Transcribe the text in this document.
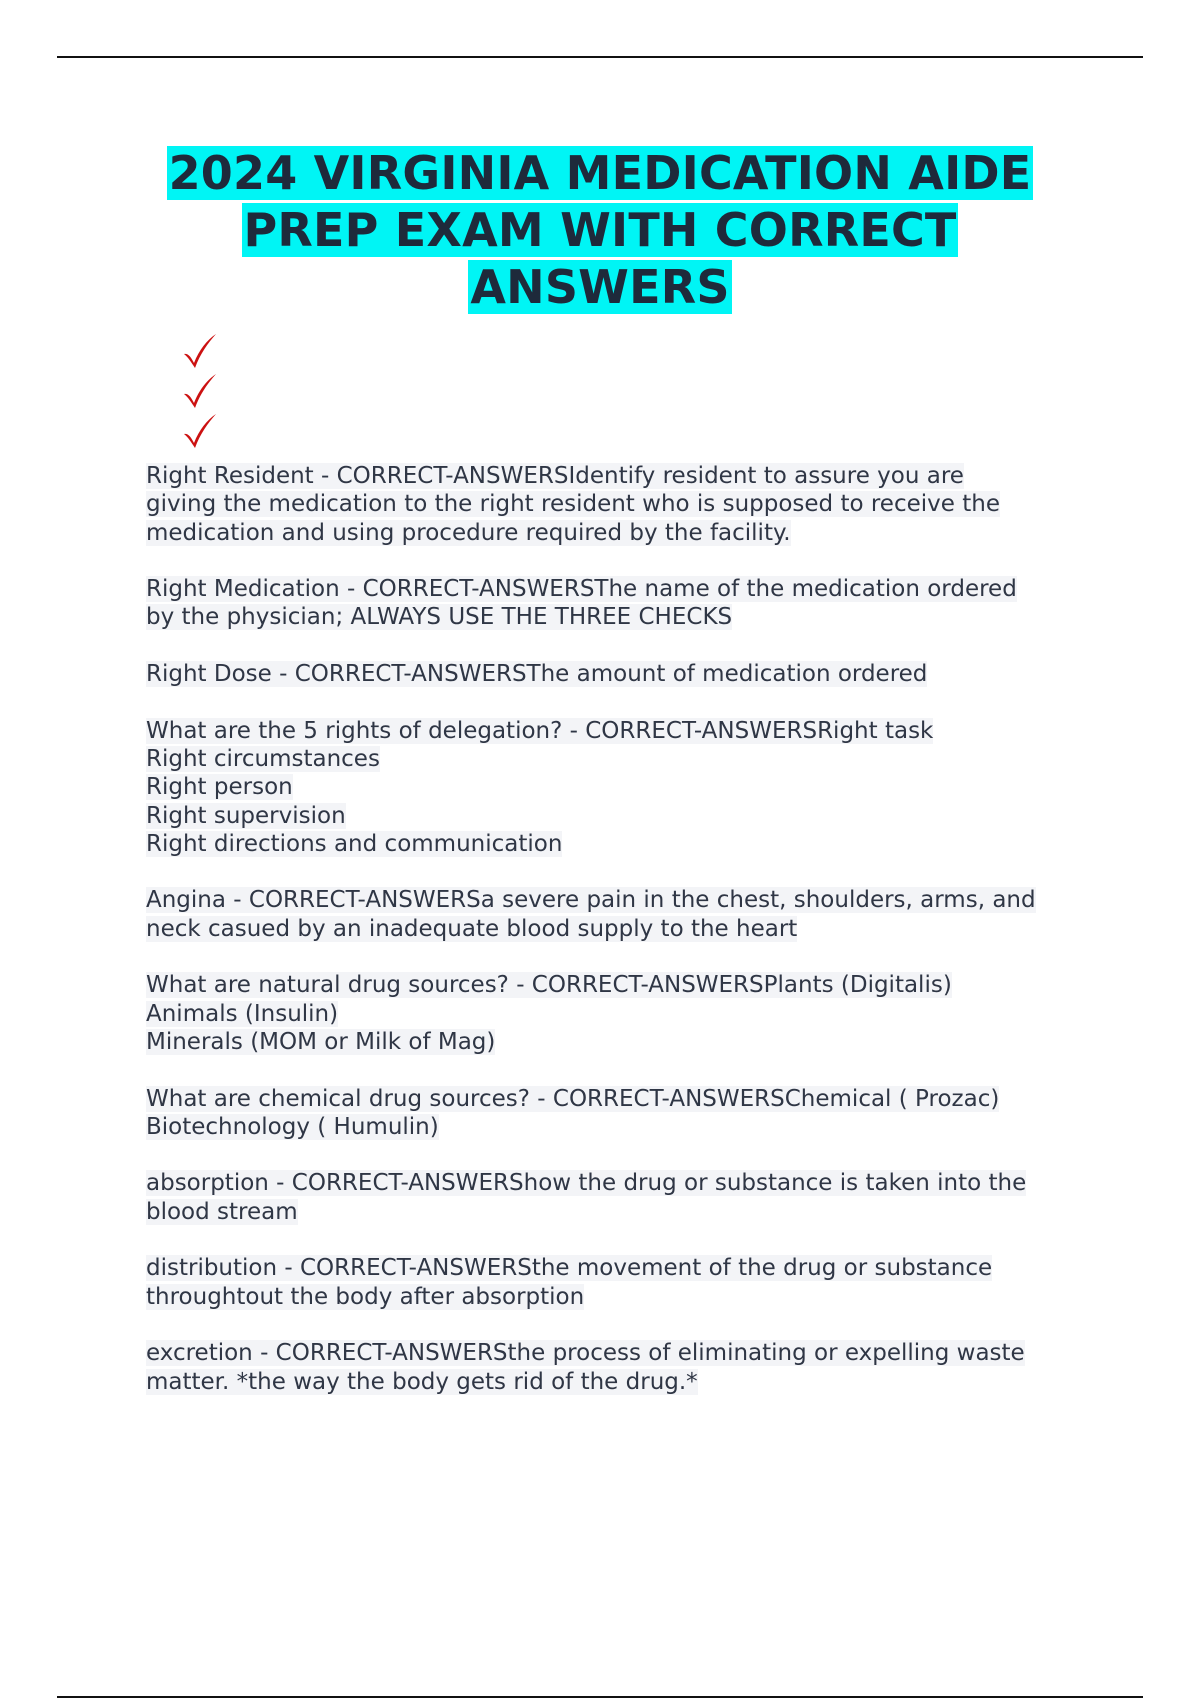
2024 VIRGINIA MEDICATION AIDE
PREP EXAM WITH CORRECT
ANSWERS
Right Resident - CORRECT-ANSWERSIdentify resident to assure you are
giving the medication to the right resident who is supposed to receive the
medication and using procedure required by the facility.
Right Medication - CORRECT-ANSWERSThe name of the medication ordered
by the physician; ALWAYS USE THE THREE CHECKS
Right Dose - CORRECT-ANSWERSThe amount of medication ordered
What are the 5 rights of delegation? - CORRECT-ANSWERSRight task
Right circumstances
Right person
Right supervision
Right directions and communication
Angina - CORRECT-ANSWERSa severe pain in the chest, shoulders, arms, and
neck casued by an inadequate blood supply to the heart
What are natural drug sources? - CORRECT-ANSWERSPlants (Digitalis)
Animals (Insulin)
Minerals (MOM or Milk of Mag)
What are chemical drug sources? - CORRECT-ANSWERSChemical ( Prozac)
Biotechnology ( Humulin)
absorption - CORRECT-ANSWERShow the drug or substance is taken into the
blood stream
distribution - CORRECT-ANSWERSthe movement of the drug or substance
throughtout the body after absorption
excretion - CORRECT-ANSWERSthe process of eliminating or expelling waste
matter. *the way the body gets rid of the drug.*
